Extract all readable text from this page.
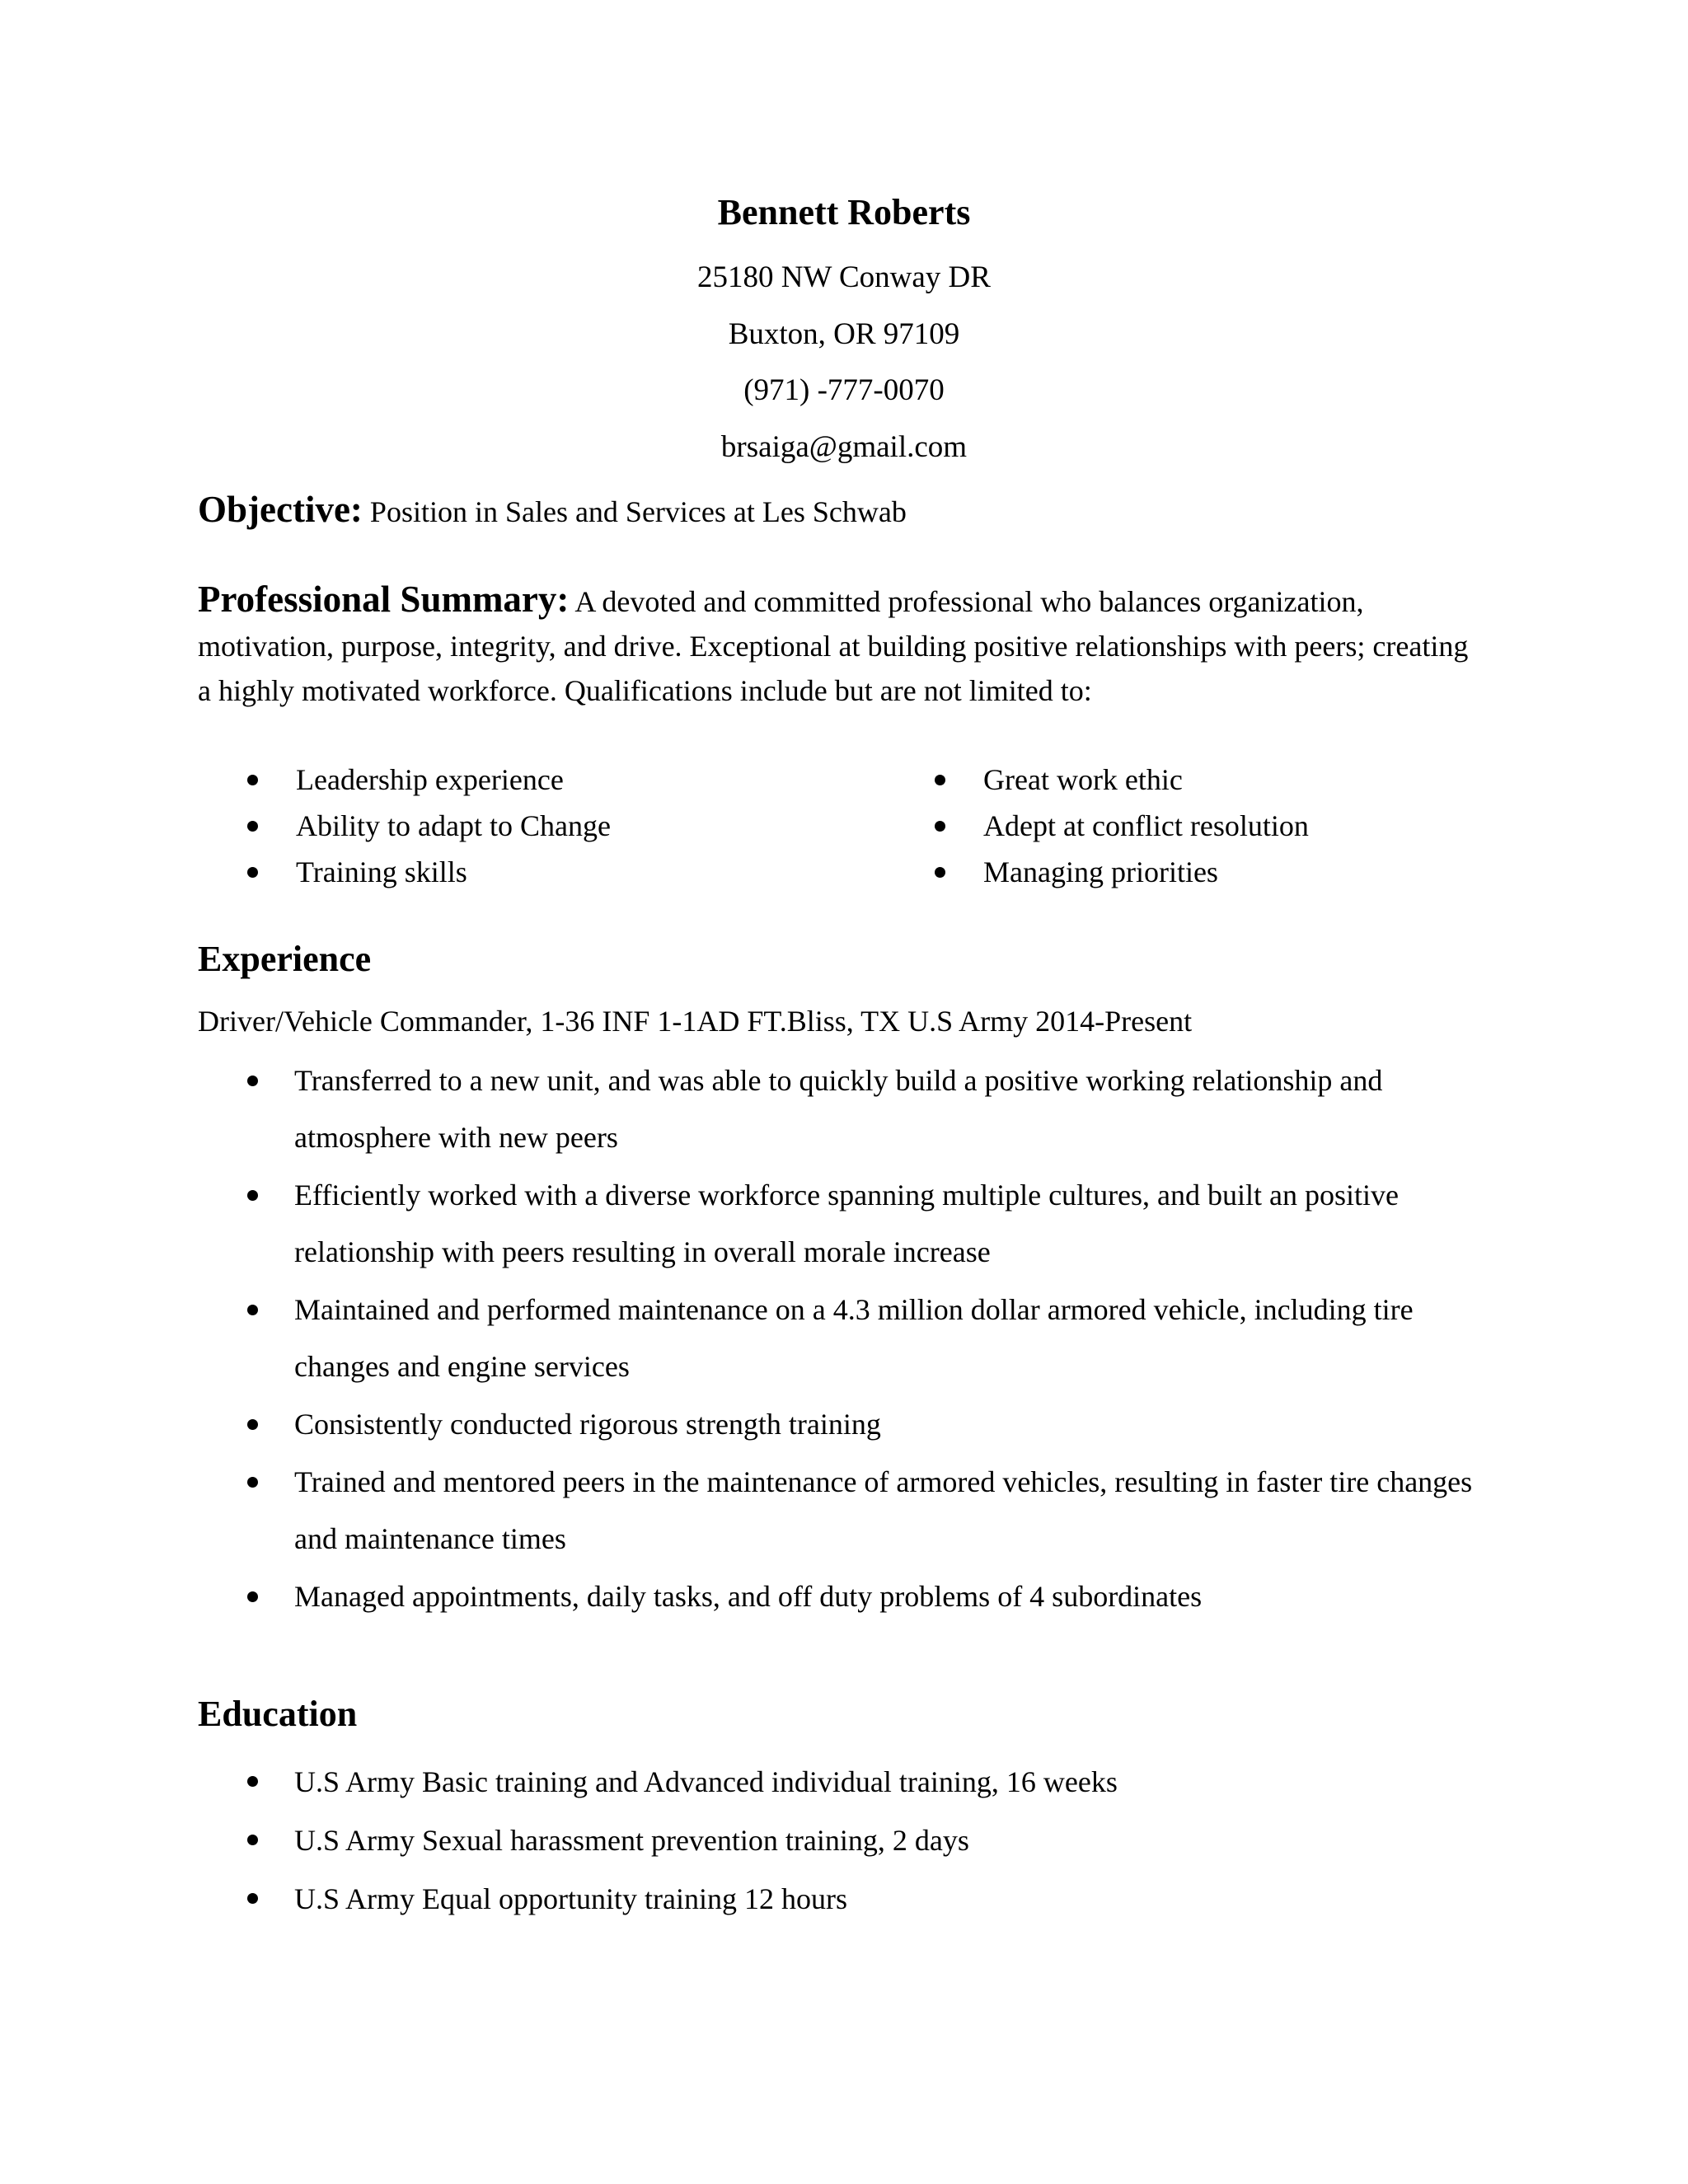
Bennett Roberts
25180 NW Conway DR
Buxton, OR 97109
(971) -777-0070
brsaiga@gmail.com
Objective: Position in Sales and Services at Les Schwab
Professional Summary: A devoted and committed professional who balances organization, motivation, purpose, integrity, and drive. Exceptional at building positive relationships with peers; creating a highly motivated workforce. Qualifications include but are not limited to:
Leadership experience	Great work ethic
Ability to adapt to Change	Adept at conflict resolution
Training skills	Managing priorities
Experience
Driver/Vehicle Commander, 1-36 INF 1-1AD FT.Bliss, TX U.S Army 2014-Present
Transferred to a new unit, and was able to quickly build a positive working relationship and atmosphere with new peers
Efficiently worked with a diverse workforce spanning multiple cultures, and built an positive relationship with peers resulting in overall morale increase
Maintained and performed maintenance on a 4.3 million dollar armored vehicle, including tire changes and engine services
Consistently conducted rigorous strength training
Trained and mentored peers in the maintenance of armored vehicles, resulting in faster tire changes and maintenance times
Managed appointments, daily tasks, and off duty problems of 4 subordinates
Education
U.S Army Basic training and Advanced individual training, 16 weeks
U.S Army Sexual harassment prevention training, 2 days
U.S Army Equal opportunity training 12 hours
